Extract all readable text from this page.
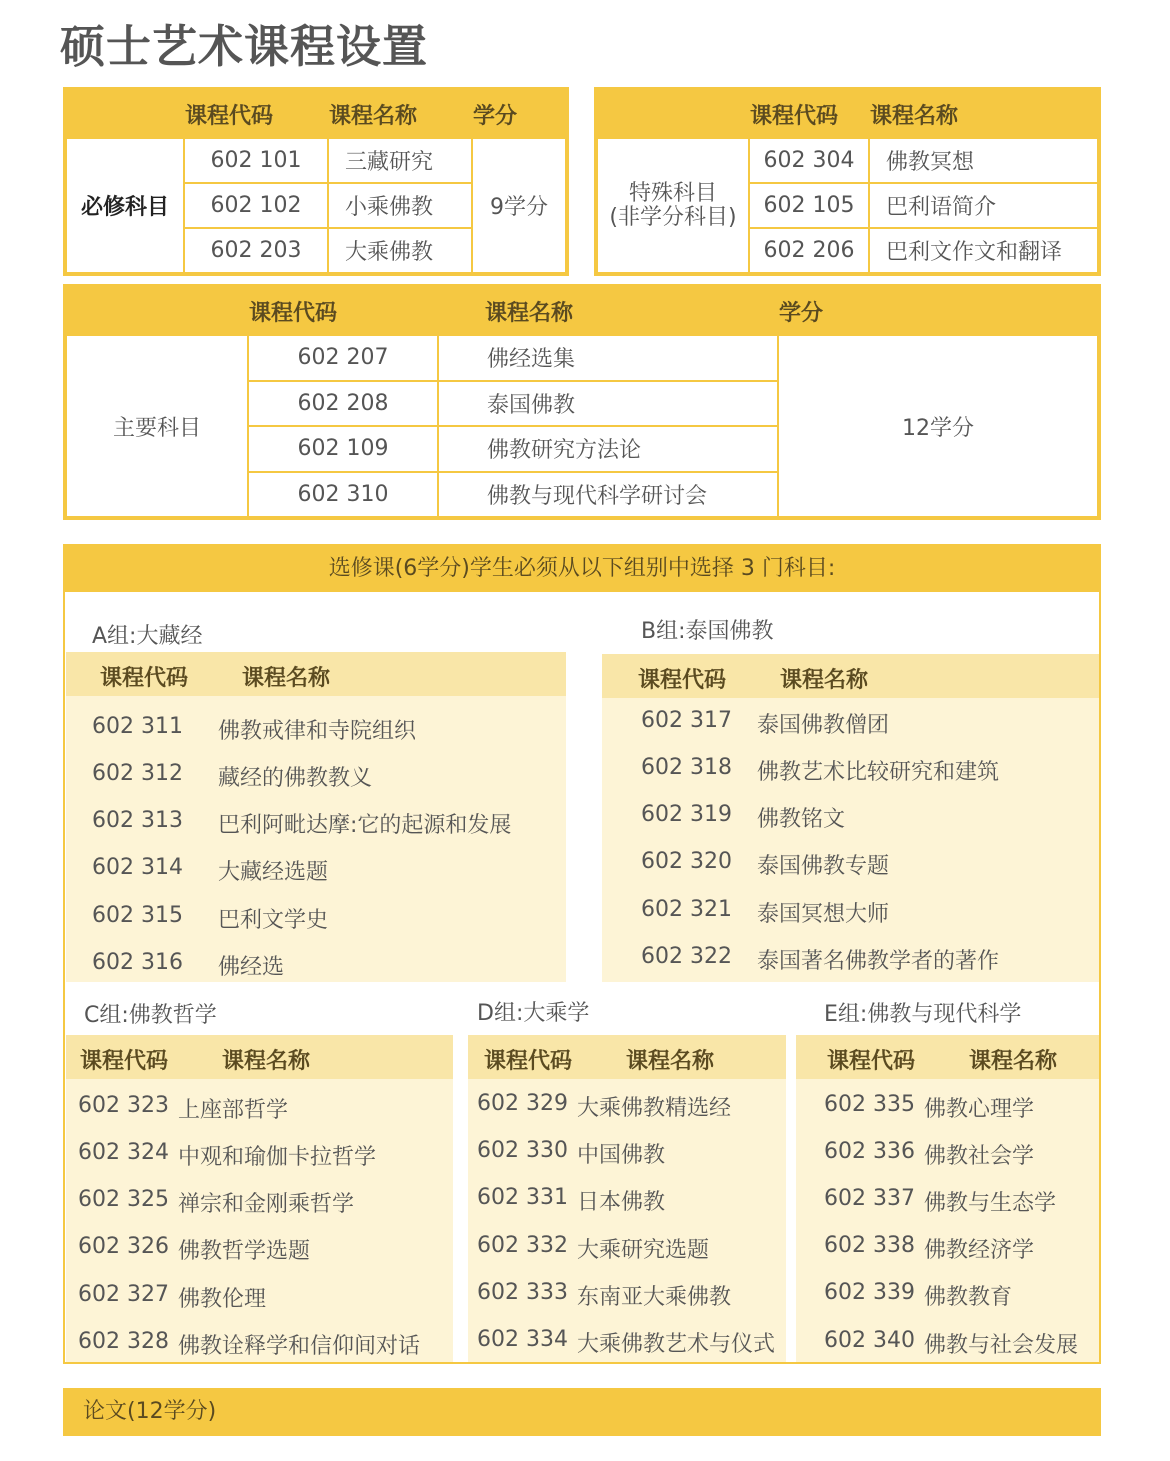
硕士艺术课程设置
	课程代码	课程名称	学分
必修科目	602 101	三藏研究	9学分
	602 102	小乘佛教	
	602 203	大乘佛教	
	课程代码	课程名称

特殊科目
(非学分科目)	602 304	佛教冥想
	602 105	巴利语简介
	602 206	巴利文作文和翻译
	课程代码	课程名称	学分
主要科目	602 207	佛经选集	12学分
	602 208	泰国佛教	
	602 109	佛教研究方法论	
	602 310	佛教与现代科学研讨会	
选修课(6学分)学生必须从以下组别中选择 3 门科目:
A组:大藏经
课程代码 课程名称
602 311 佛教戒律和寺院组织
602 312 藏经的佛教教义
602 313 巴利阿毗达摩:它的起源和发展
602 314 大藏经选题
602 315 巴利文学史
602 316 佛经选
B组:泰国佛教
课程代码 课程名称
602 317 泰国佛教僧团
602 318 佛教艺术比较研究和建筑
602 319 佛教铭文
602 320 泰国佛教专题
602 321 泰国冥想大师
602 322 泰国著名佛教学者的著作
C组:佛教哲学
课程代码 课程名称
602 323 上座部哲学
602 324 中观和瑜伽卡拉哲学
602 325 禅宗和金刚乘哲学
602 326 佛教哲学选题
602 327 佛教伦理
602 328 佛教诠释学和信仰间对话
D组:大乘学
课程代码 课程名称
602 329 大乘佛教精选经
602 330 中国佛教
602 331 日本佛教
602 332 大乘研究选题
602 333 东南亚大乘佛教
602 334 大乘佛教艺术与仪式
E组:佛教与现代科学
课程代码 课程名称
602 335 佛教心理学
602 336 佛教社会学
602 337 佛教与生态学
602 338 佛教经济学
602 339 佛教教育
602 340 佛教与社会发展
论文(12学分)
